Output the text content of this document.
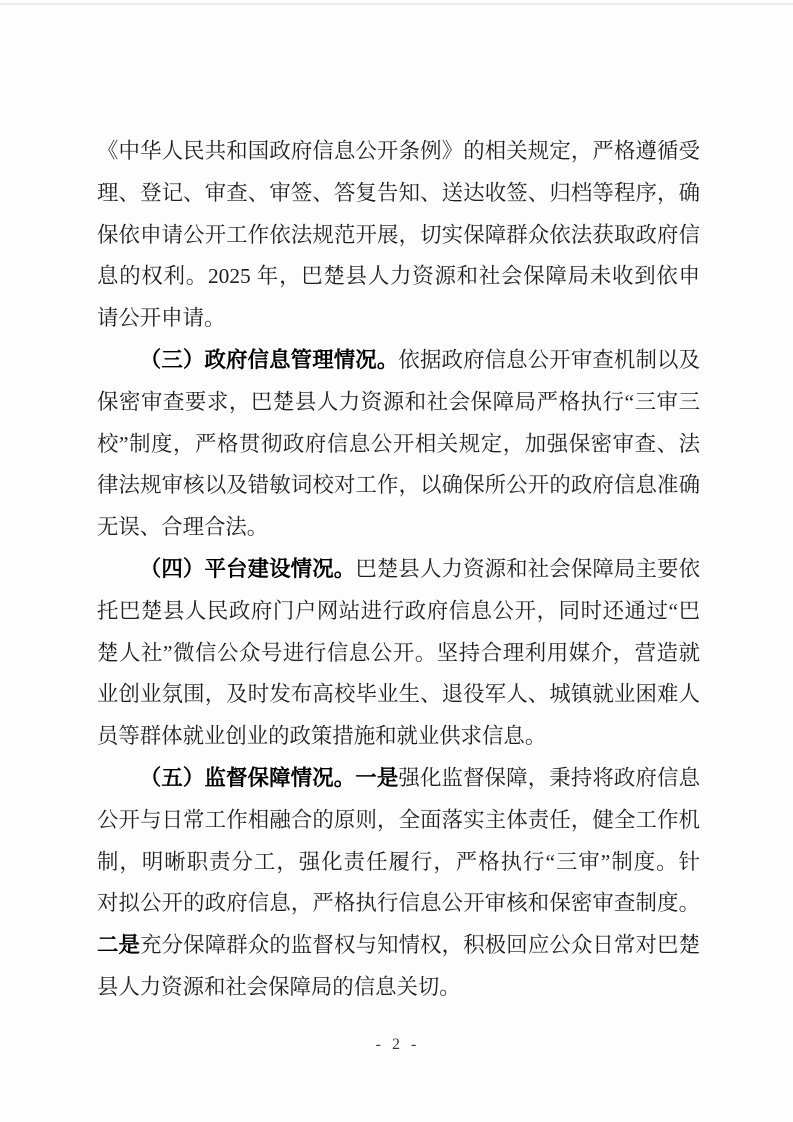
《中华人民共和国政府信息公开条例》的相关规定，严格遵循受
理、登记、审查、审签、答复告知、送达收签、归档等程序，确
保依申请公开工作依法规范开展，切实保障群众依法获取政府信
息的权利。2025 年，巴楚县人力资源和社会保障局未收到依申
请公开申请。
（三）政府信息管理情况。依据政府信息公开审查机制以及
保密审查要求，巴楚县人力资源和社会保障局严格执行“三审三
校”制度，严格贯彻政府信息公开相关规定，加强保密审查、法
律法规审核以及错敏词校对工作，以确保所公开的政府信息准确
无误、合理合法。
（四）平台建设情况。巴楚县人力资源和社会保障局主要依
托巴楚县人民政府门户网站进行政府信息公开，同时还通过“巴
楚人社”微信公众号进行信息公开。坚持合理利用媒介，营造就
业创业氛围，及时发布高校毕业生、退役军人、城镇就业困难人
员等群体就业创业的政策措施和就业供求信息。
（五）监督保障情况。一是强化监督保障，秉持将政府信息
公开与日常工作相融合的原则，全面落实主体责任，健全工作机
制，明晰职责分工，强化责任履行，严格执行“三审”制度。针
对拟公开的政府信息，严格执行信息公开审核和保密审查制度。
二是充分保障群众的监督权与知情权，积极回应公众日常对巴楚
县人力资源和社会保障局的信息关切。
- 2 -
